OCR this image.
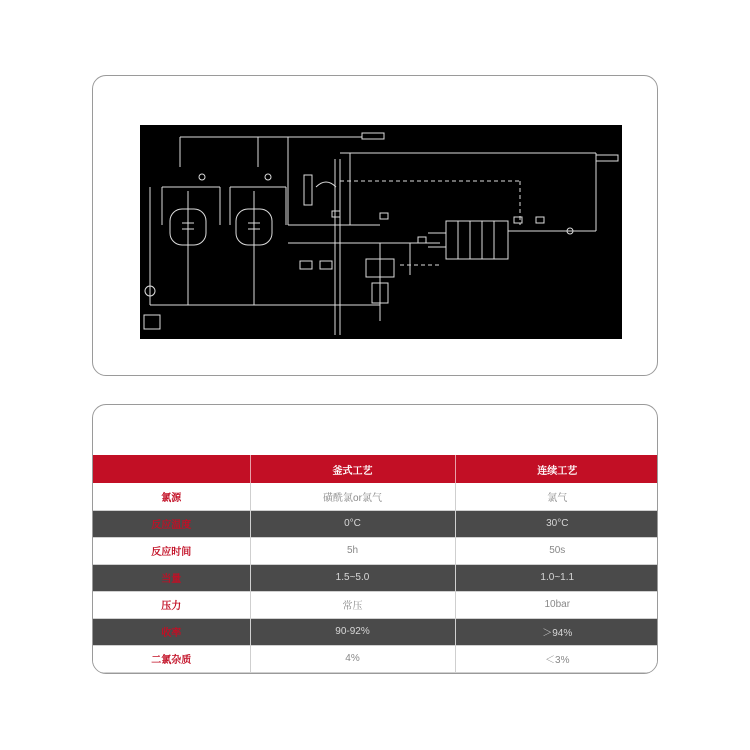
	釜式工艺	连续工艺
氯源	磺酰氯or氯气	氯气
反应温度	0°C	30°C
反应时间	5h	50s
当量	1.5~5.0	1.0~1.1
压力	常压	10bar
收率	90-92%	＞94%
二氯杂质	4%	＜3%
